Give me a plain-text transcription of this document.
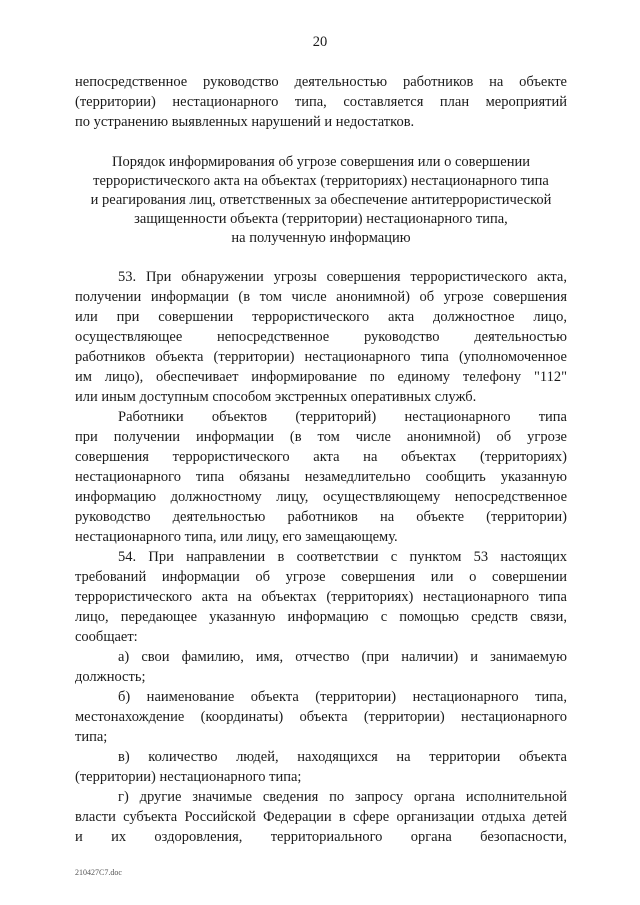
20

непосредственное руководство деятельностью работников на объекте
(территории) нестационарного типа, составляется план мероприятий
по устранению выявленных нарушений и недостатков.

Порядок информирования об угрозе совершения или о совершении
террористического акта на объектах (территориях) нестационарного типа
и реагирования лиц, ответственных за обеспечение антитеррористической
защищенности объекта (территории) нестационарного типа,
на полученную информацию

53. При обнаружении угрозы совершения террористического акта,
получении информации (в том числе анонимной) об угрозе совершения
или при совершении террористического акта должностное лицо,
осуществляющее непосредственное руководство деятельностью
работников объекта (территории) нестационарного типа (уполномоченное
им лицо), обеспечивает информирование по единому телефону "112"
или иным доступным способом экстренных оперативных служб.

Работники объектов (территорий) нестационарного типа
при получении информации (в том числе анонимной) об угрозе
совершения террористического акта на объектах (территориях)
нестационарного типа обязаны незамедлительно сообщить указанную
информацию должностному лицу, осуществляющему непосредственное
руководство деятельностью работников на объекте (территории)
нестационарного типа, или лицу, его замещающему.

54. При направлении в соответствии с пунктом 53 настоящих
требований информации об угрозе совершения или о совершении
террористического акта на объектах (территориях) нестационарного типа
лицо, передающее указанную информацию с помощью средств связи,
сообщает:

а) свои фамилию, имя, отчество (при наличии) и занимаемую
должность;

б) наименование объекта (территории) нестационарного типа,
местонахождение (координаты) объекта (территории) нестационарного
типа;

в) количество людей, находящихся на территории объекта
(территории) нестационарного типа;

г) другие значимые сведения по запросу органа исполнительной
власти субъекта Российской Федерации в сфере организации отдыха детей
и их оздоровления, территориального органа безопасности,

210427С7.doc
